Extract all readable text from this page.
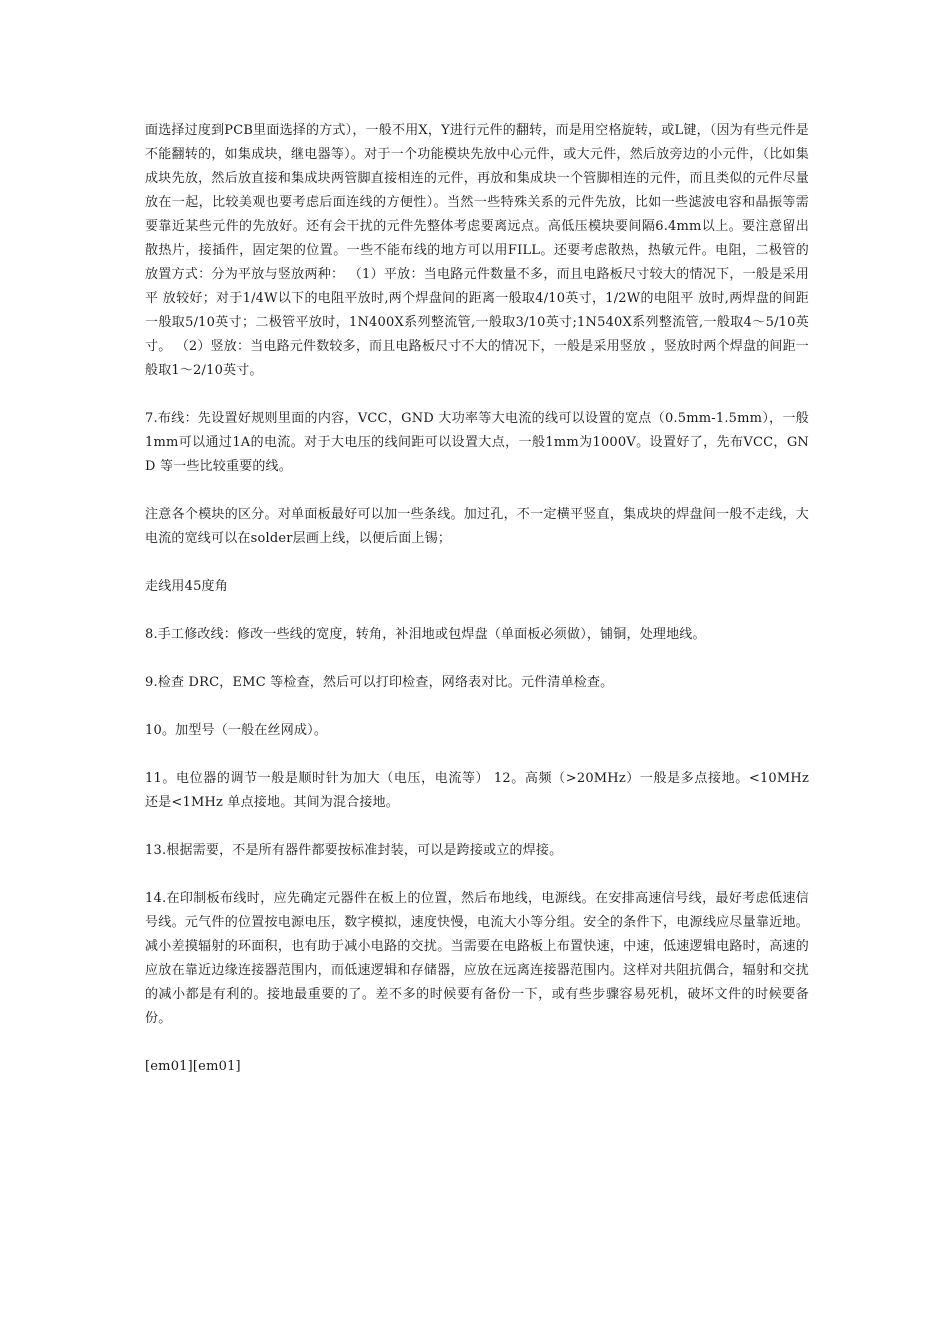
面选择过度到PCB里面选择的方式），一般不用X，Y进行元件的翻转，而是用空格旋转，或L键，（因为有些元件是不能翻转的，如集成块，继电器等）。对于一个功能模块先放中心元件，或大元件，然后放旁边的小元件，（比如集成块先放，然后放直接和集成块两管脚直接相连的元件，再放和集成块一个管脚相连的元件，而且类似的元件尽量放在一起，比较美观也要考虑后面连线的方便性）。当然一些特殊关系的元件先放，比如一些滤波电容和晶振等需要靠近某些元件的先放好。还有会干扰的元件先整体考虑要离远点。高低压模块要间隔6.4mm以上。要注意留出散热片，接插件，固定架的位置。一些不能布线的地方可以用FILL。还要考虑散热，热敏元件。电阻，二极管的放置方式：分为平放与竖放两种： （1）平放：当电路元件数量不多，而且电路板尺寸较大的情况下，一般是采用平 放较好；对于1/4W以下的电阻平放时,两个焊盘间的距离一般取4/10英寸，1/2W的电阻平 放时,两焊盘的间距一般取5/10英寸；二极管平放时，1N400X系列整流管,一般取3/10英寸;1N540X系列整流管,一般取4～5/10英寸。 （2）竖放：当电路元件数较多，而且电路板尺寸不大的情况下，一般是采用竖放 ，竖放时两个焊盘的间距一般取1～2/10英寸。

7.布线：先设置好规则里面的内容，VCC，GND 大功率等大电流的线可以设置的宽点（0.5mm-1.5mm），一般1mm可以通过1A的电流。对于大电压的线间距可以设置大点，一般1mm为1000V。设置好了，先布VCC，GND 等一些比较重要的线。

注意各个模块的区分。对单面板最好可以加一些条线。加过孔，不一定横平竖直，集成块的焊盘间一般不走线，大电流的宽线可以在solder层画上线，以便后面上锡；

走线用45度角

8.手工修改线：修改一些线的宽度，转角，补泪地或包焊盘（单面板必须做），铺铜，处理地线。

9.检查 DRC，EMC 等检查，然后可以打印检查，网络表对比。元件清单检查。

10。加型号（一般在丝网成）。

11。电位器的调节一般是顺时针为加大（电压，电流等） 12。高频（>20MHz）一般是多点接地。<10MHz 还是<1MHz 单点接地。其间为混合接地。

13.根据需要，不是所有器件都要按标准封装，可以是跨接或立的焊接。

14.在印制板布线时，应先确定元器件在板上的位置，然后布地线，电源线。在安排高速信号线，最好考虑低速信号线。元气件的位置按电源电压，数字模拟，速度快慢，电流大小等分组。安全的条件下，电源线应尽量靠近地。减小差摸辐射的环面积，也有助于减小电路的交扰。当需要在电路板上布置快速，中速，低速逻辑电路时，高速的应放在靠近边缘连接器范围内，而低速逻辑和存储器，应放在远离连接器范围内。这样对共阻抗偶合，辐射和交扰的减小都是有利的。接地最重要的了。差不多的时候要有备份一下，或有些步骤容易死机，破坏文件的时候要备份。

[em01][em01]
